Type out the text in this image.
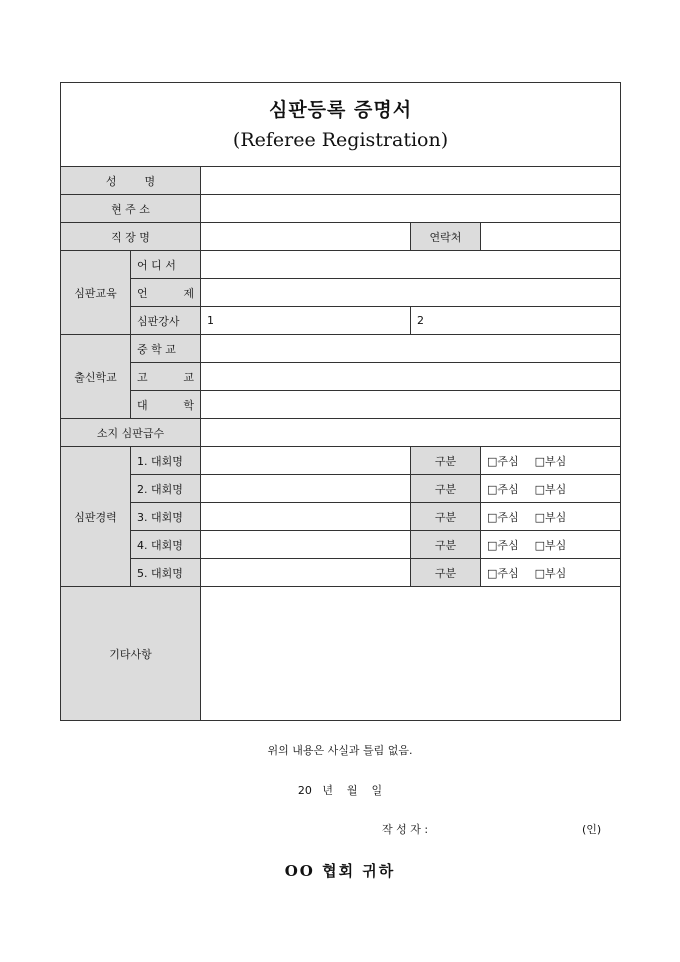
심판등록 증명서
(Referee Registration)					

성        명					
현 주 소					
직 장 명			연락처		
심판교육	어 디 서				

	언 제				

	심판강사	1	2	
출신학교	중 학 교				

	고 교				

	대 학				

소지 심판급수					
심판경력	1. 대회명		구분	□주심 □부심	
	2. 대회명		구분	□주심 □부심	
	3. 대회명		구분	□주심 □부심	
	4. 대회명		구분	□주심 □부심	
	5. 대회명		구분	□주심 □부심	
기타사항					
위의 내용은 사실과 틀림 없음.
20   년    월    일
작 성 자 :	(인)
OO 협회 귀하
